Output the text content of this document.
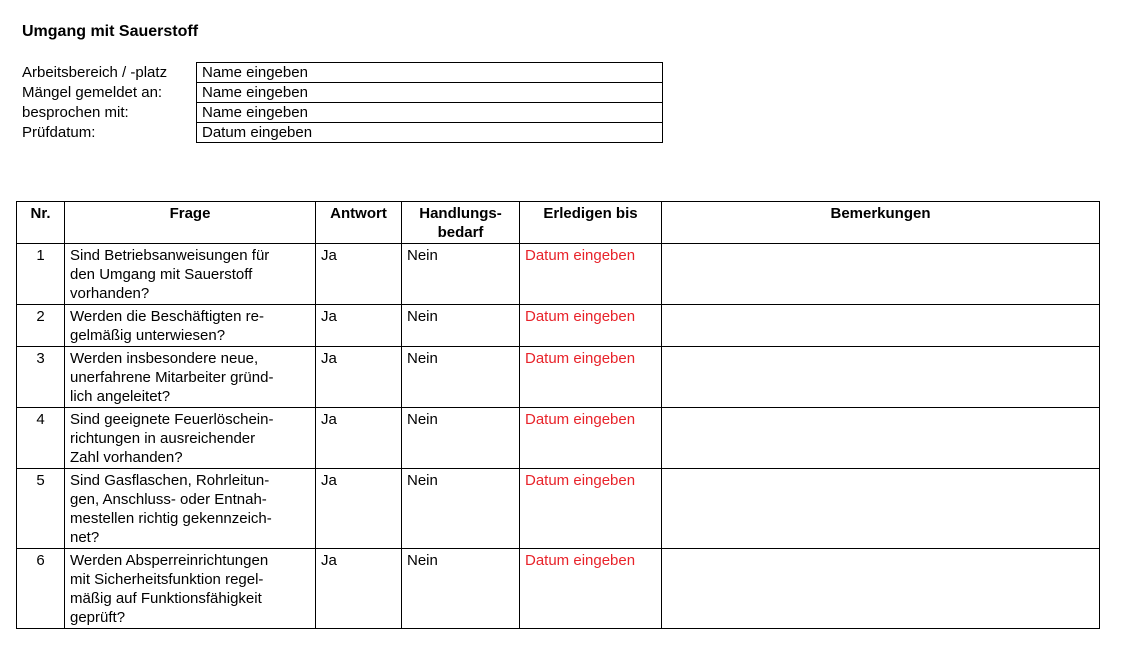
Umgang mit Sauerstoff
Arbeitsbereich / -platz	Name eingeben
Mängel gemeldet an:	Name eingeben
besprochen mit:	Name eingeben
Prüfdatum:	Datum eingeben
Nr.	Frage	Antwort	Handlungs-
bedarf	Erledigen bis	Bemerkungen
1	Sind Betriebsanweisungen für
den Umgang mit Sauerstoff
vorhanden?	Ja	Nein	Datum eingeben	
2	Werden die Beschäftigten re-
gelmäßig unterwiesen?	Ja	Nein	Datum eingeben	
3	Werden insbesondere neue,
unerfahrene Mitarbeiter gründ-
lich angeleitet?	Ja	Nein	Datum eingeben	
4	Sind geeignete Feuerlöschein-
richtungen in ausreichender
Zahl vorhanden?	Ja	Nein	Datum eingeben	
5	Sind Gasflaschen, Rohrleitun-
gen, Anschluss- oder Entnah-
mestellen richtig gekennzeich-
net?	Ja	Nein	Datum eingeben	
6	Werden Absperreinrichtungen
mit Sicherheitsfunktion regel-
mäßig auf Funktionsfähigkeit
geprüft?	Ja	Nein	Datum eingeben	
